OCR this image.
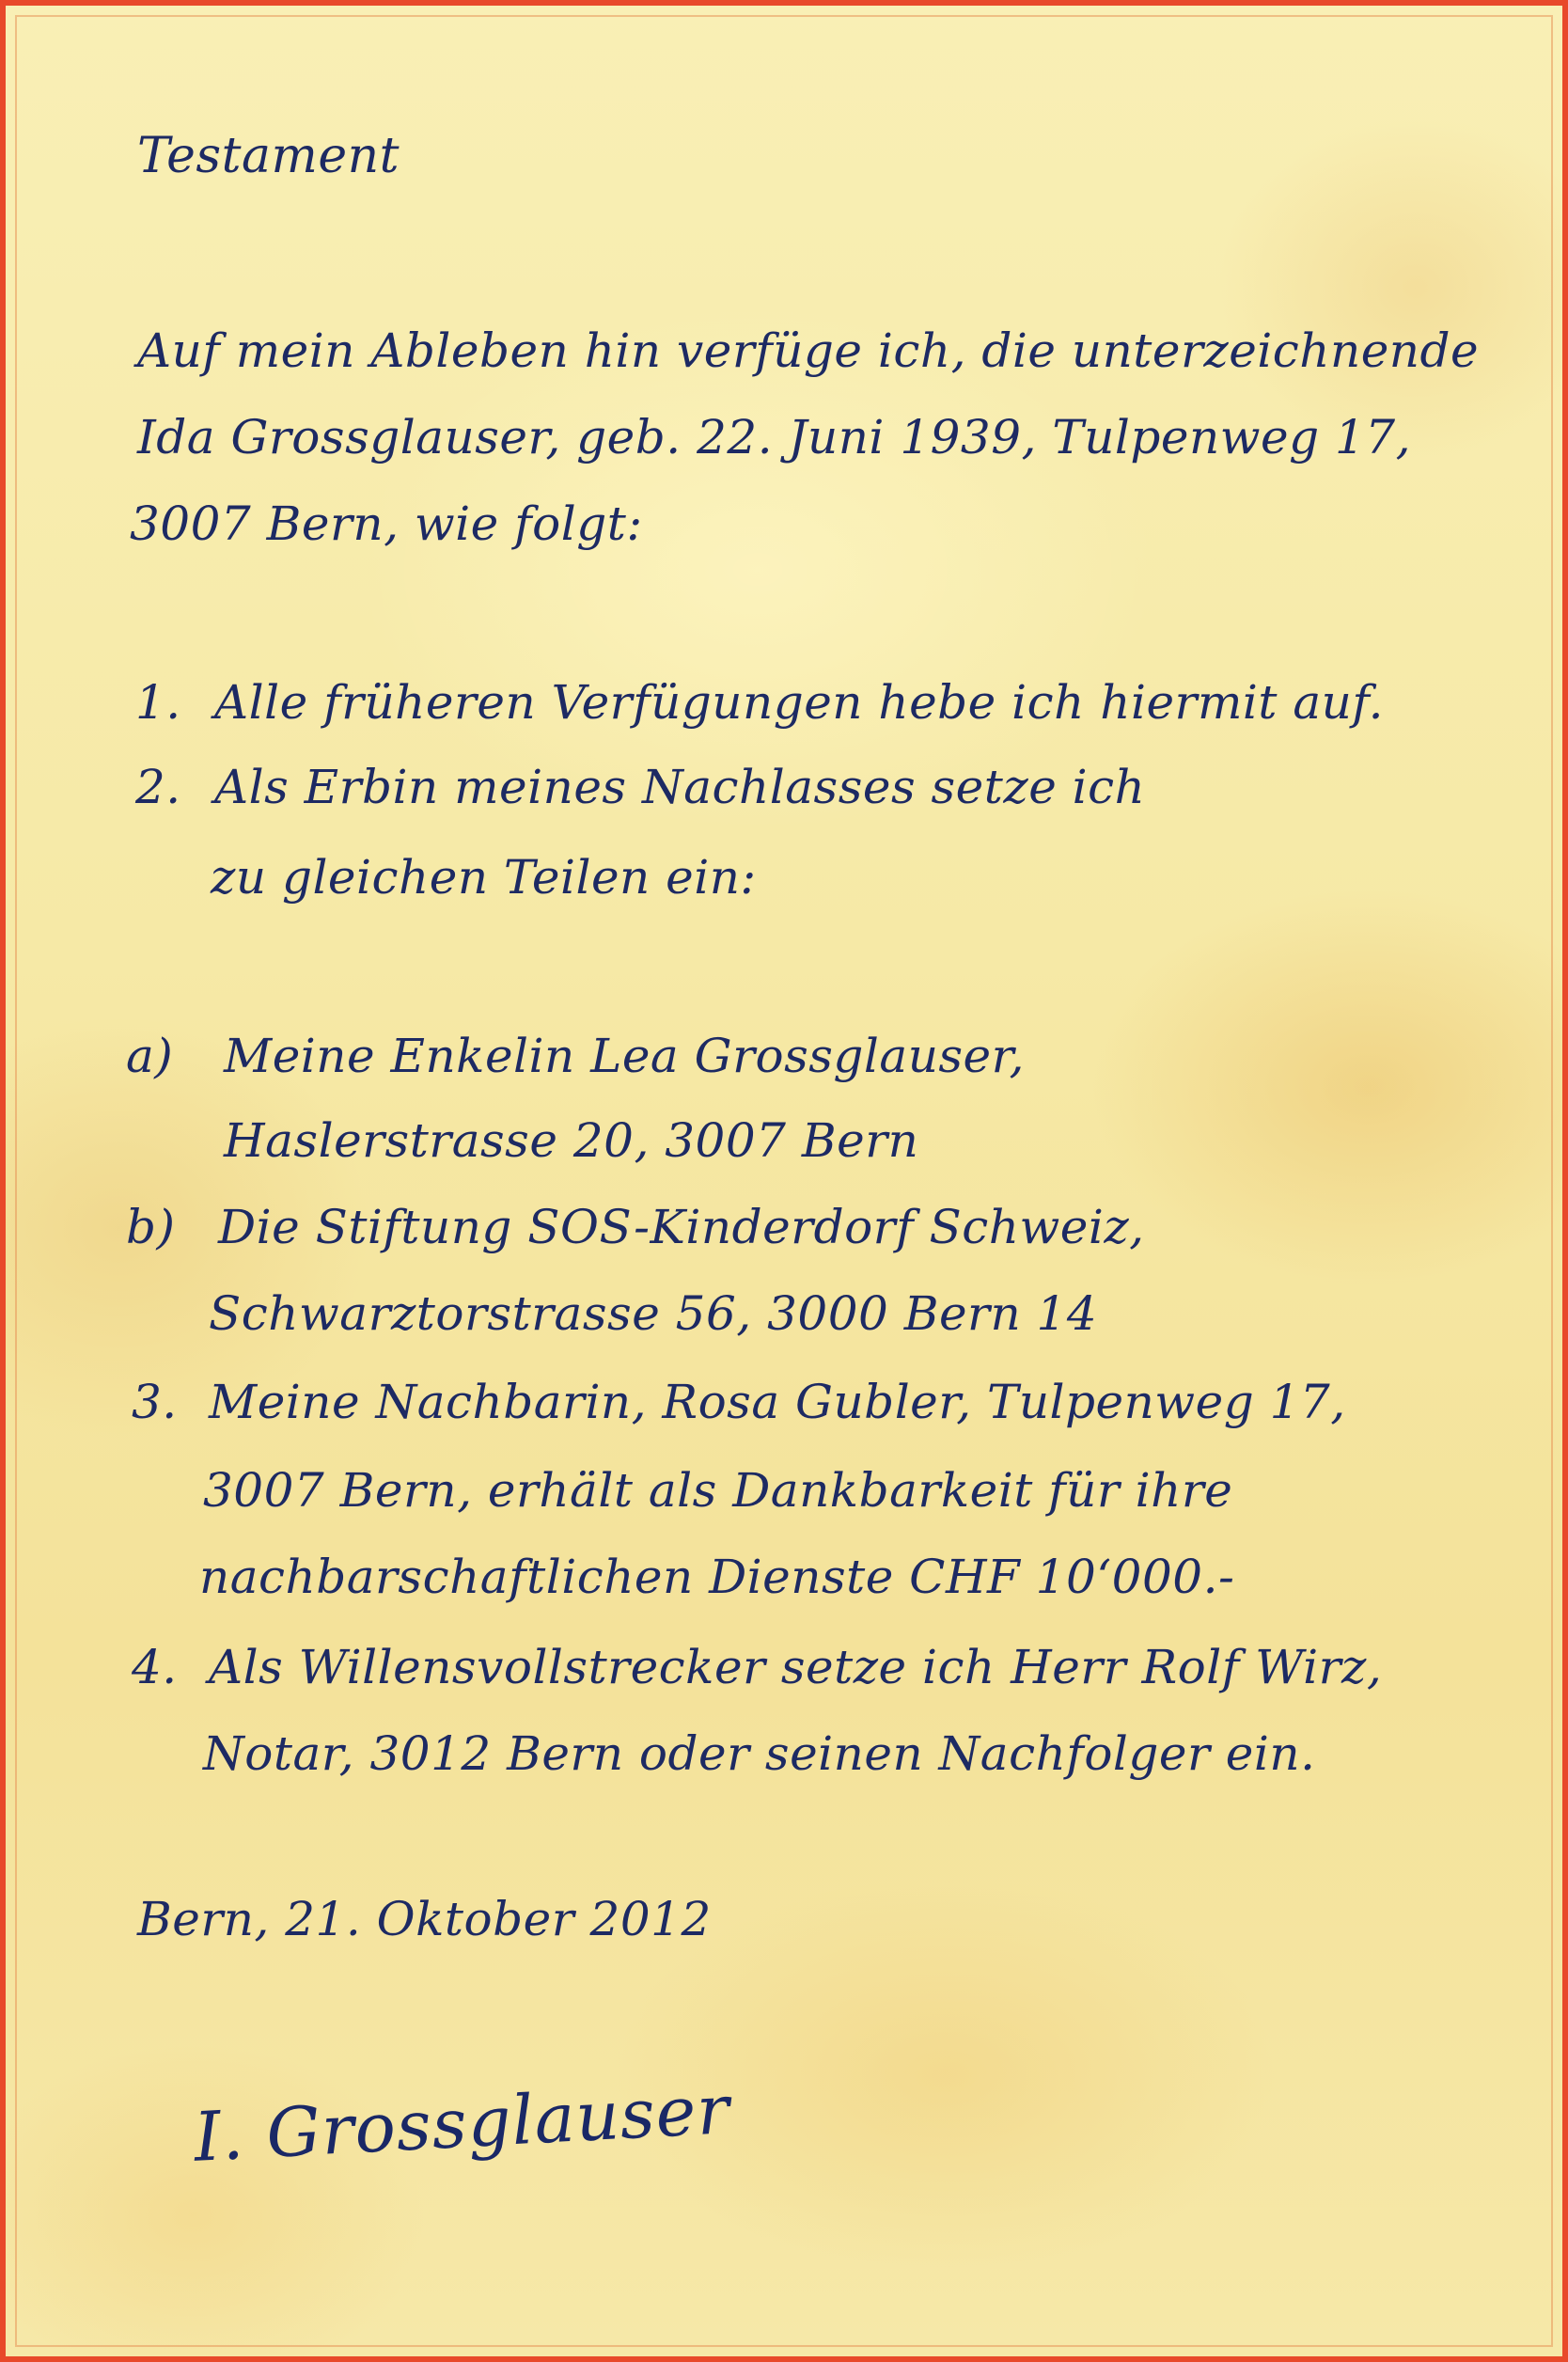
Testament

Auf mein Ableben hin verfüge ich, die unterzeichnende

Ida Grossglauser, geb. 22. Juni 1939, Tulpenweg 17,

3007 Bern, wie folgt:

1. Alle früheren Verfügungen hebe ich hiermit auf.

2. Als Erbin meines Nachlasses setze ich

zu gleichen Teilen ein:

a) Meine Enkelin Lea Grossglauser,

Haslerstrasse 20, 3007 Bern

b) Die Stiftung SOS-Kinderdorf Schweiz,

Schwarztorstrasse 56, 3000 Bern 14

3. Meine Nachbarin, Rosa Gubler, Tulpenweg 17,

3007 Bern, erhält als Dankbarkeit für ihre

nachbarschaftlichen Dienste CHF 10‘000.-

4. Als Willensvollstrecker setze ich Herr Rolf Wirz,

Notar, 3012 Bern oder seinen Nachfolger ein.

Bern, 21. Oktober 2012

I. Grossglauser
